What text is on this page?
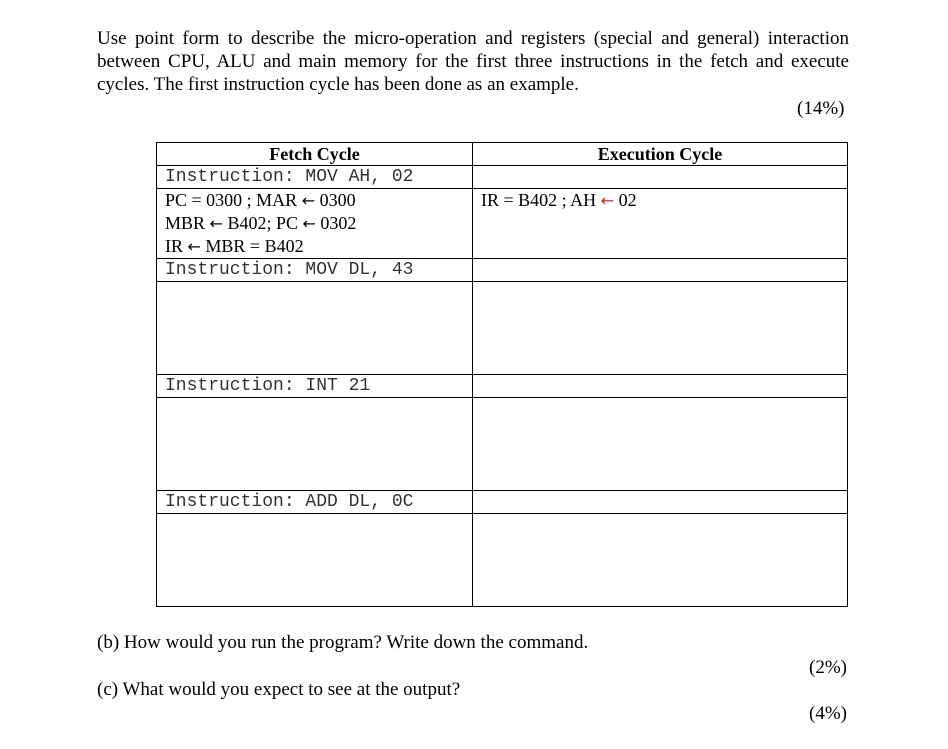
Use point form to describe the micro-operation and registers (special and general) interaction between CPU, ALU and main memory for the first three instructions in the fetch and execute cycles. The first instruction cycle has been done as an example.
(14%)
Fetch Cycle	Execution Cycle
Instruction: MOV AH, 02	

PC = 0300 ; MAR ← 0300
MBR ← B402; PC ← 0302
IR ← MBR = B402	IR = B402 ; AH ← 02
Instruction: MOV DL, 43	

Instruction: INT 21	

Instruction: ADD DL, 0C	

(b) How would you run the program? Write down the command.
(2%)
(c) What would you expect to see at the output?
(4%)
